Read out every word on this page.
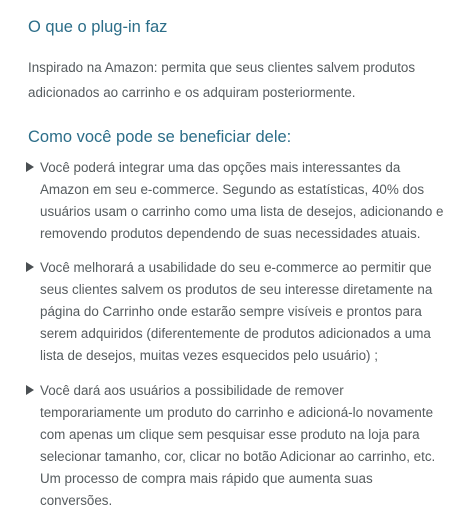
O que o plug-in faz

Inspirado na Amazon: permita que seus clientes salvem produtos adicionados ao carrinho e os adquiram posteriormente.

Como você pode se beneficiar dele:
Você poderá integrar uma das opções mais interessantes da Amazon em seu e-commerce. Segundo as estatísticas, 40% dos usuários usam o carrinho como uma lista de desejos, adicionando e removendo produtos dependendo de suas necessidades atuais.
Você melhorará a usabilidade do seu e-commerce ao permitir que seus clientes salvem os produtos de seu interesse diretamente na página do Carrinho onde estarão sempre visíveis e prontos para serem adquiridos (diferentemente de produtos adicionados a uma lista de desejos, muitas vezes esquecidos pelo usuário) ;
Você dará aos usuários a possibilidade de remover temporariamente um produto do carrinho e adicioná-lo novamente com apenas um clique sem pesquisar esse produto na loja para selecionar tamanho, cor, clicar no botão Adicionar ao carrinho, etc. Um processo de compra mais rápido que aumenta suas conversões.
